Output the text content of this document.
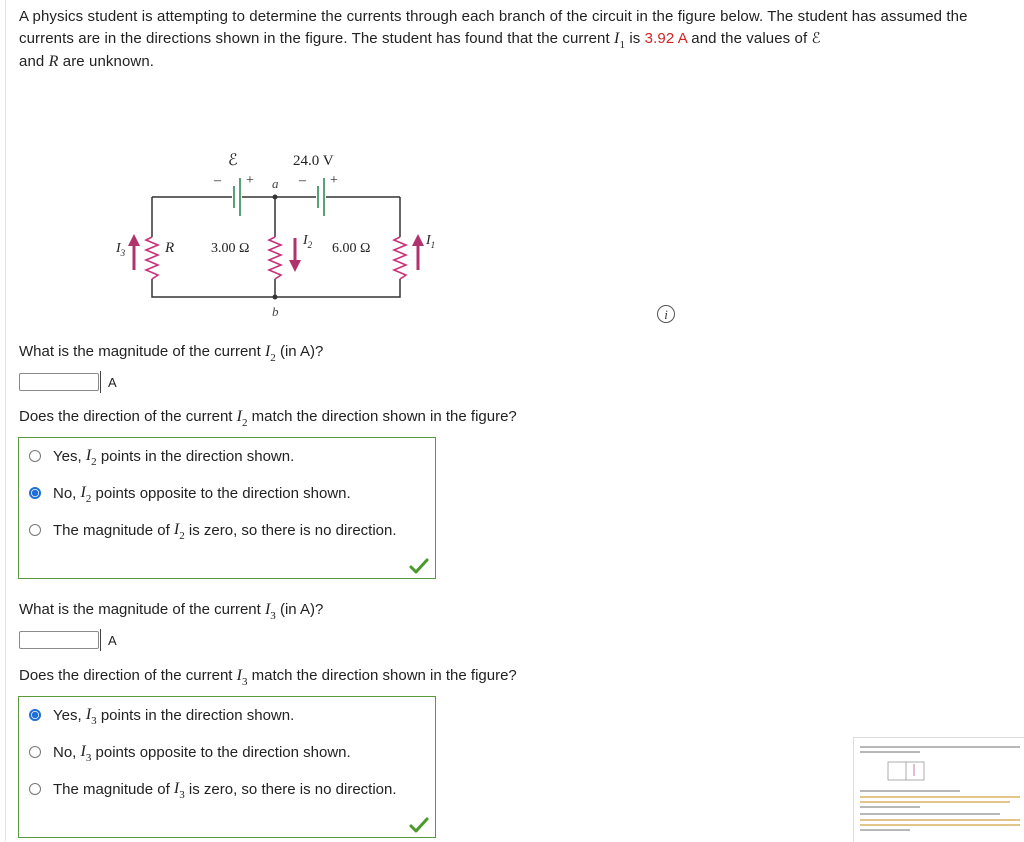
A physics student is attempting to determine the currents through each branch of the circuit in the figure below. The student has assumed the currents are in the directions shown in the figure. The student has found that the current $I_1$ is 3.92 A and the values of ℰ
and R are unknown.
ℰ	24.0 V
– +	– +
a
b
R	3.00 Ω	6.00 Ω
$I_3$
$I_2$	$I_1$
i
What is the magnitude of the current $I_2$ (in A)?
A
Does the direction of the current $I_2$ match the direction shown in the figure?
Yes,
$I_2$
points in the direction shown.
No,
$I_2$
points opposite to the direction shown.
The magnitude of
$I_2$
is zero, so there is no direction.
What is the magnitude of the current $I_3$ (in A)?
A
Does the direction of the current $I_3$ match the direction shown in the figure?
Yes,
$I_3$
points in the direction shown.
No,
$I_3$
points opposite to the direction shown.
The magnitude of
$I_3$
is zero, so there is no direction.
